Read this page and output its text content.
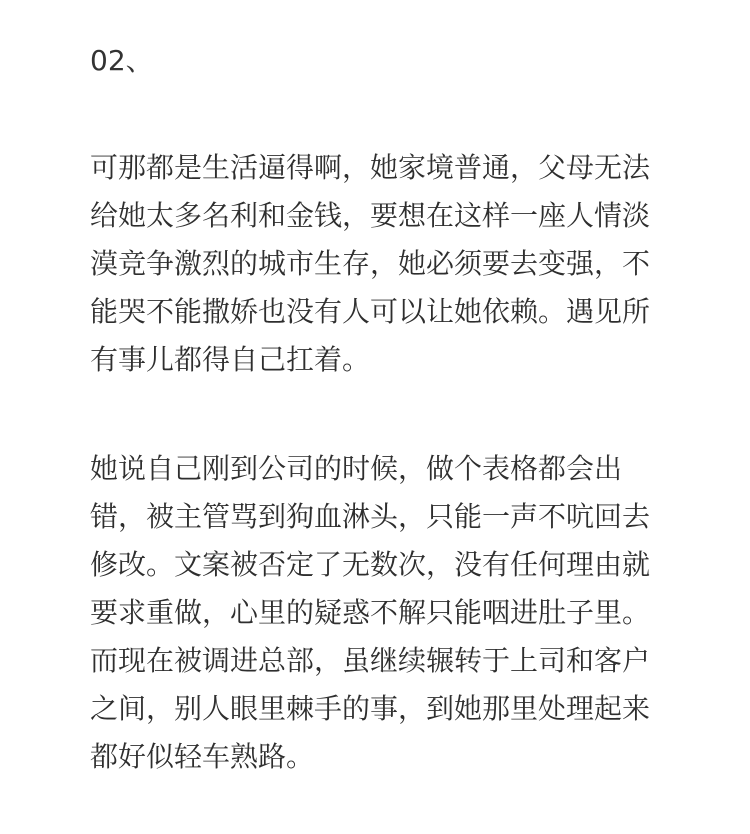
02、

可那都是生活逼得啊，她家境普通，父母无法

给她太多名利和金钱，要想在这样一座人情淡

漠竞争激烈的城市生存，她必须要去变强，不

能哭不能撒娇也没有人可以让她依赖。遇见所

有事儿都得自己扛着。

她说自己刚到公司的时候，做个表格都会出

错，被主管骂到狗血淋头，只能一声不吭回去

修改。文案被否定了无数次，没有任何理由就

要求重做，心里的疑惑不解只能咽进肚子里。

而现在被调进总部，虽继续辗转于上司和客户

之间，别人眼里棘手的事，到她那里处理起来

都好似轻车熟路。
